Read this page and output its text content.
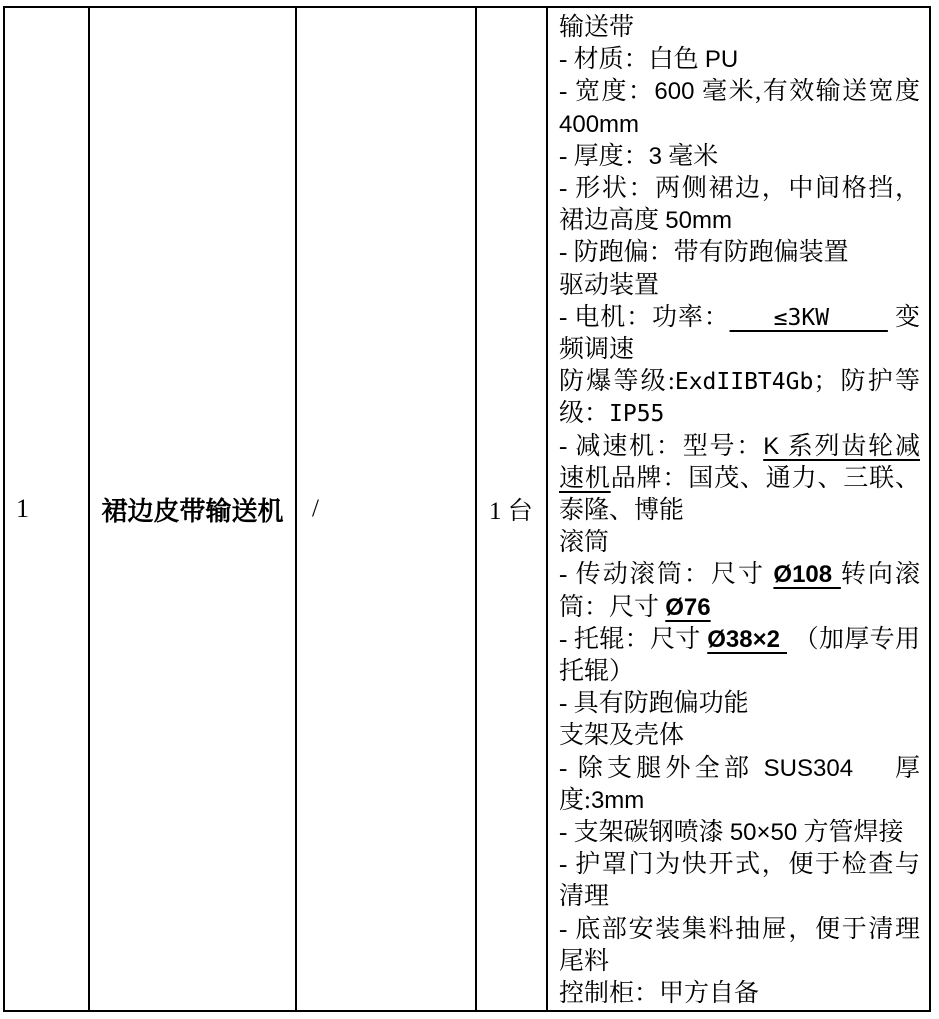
1	裙边皮带输送机 /	1 台
输送带
- 材质：白色 PU
- 宽度：600 毫米,有效输送宽度 400mm
- 厚度：3 毫米
- 形状：两侧裙边，中间格挡，裙边高度 50mm
- 防跑偏：带有防跑偏装置
驱动装置
- 电机：功率：   ≤3KW     变频调速
防爆等级:ExdIIBT4Gb；防护等级：IP55
- 减速机：型号：K 系列齿轮减速机品牌：国茂、通力、三联、泰隆、博能
滚筒
- 传动滚筒：尺寸 Ø108 转向滚筒：尺寸 Ø76
- 托辊：尺寸 Ø38×2  （加厚专用托辊）
- 具有防跑偏功能
支架及壳体
- 除支腿外全部 SUS304    厚度:3mm
- 支架碳钢喷漆 50×50 方管焊接
- 护罩门为快开式，便于检查与清理
- 底部安装集料抽屉，便于清理尾料
控制柜：甲方自备
